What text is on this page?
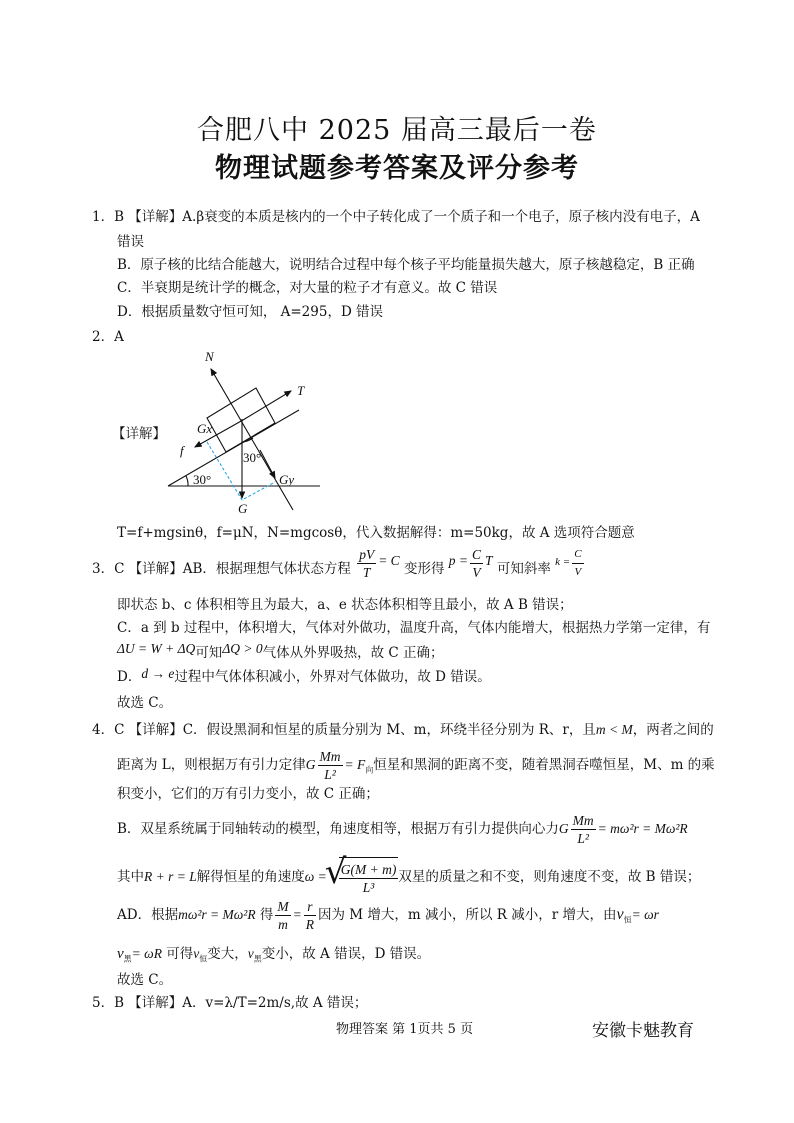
合肥八中 2025 届高三最后一卷
物理试题参考答案及评分参考
1．B 【详解】A.β衰变的本质是核内的一个中子转化成了一个质子和一个电子，原子核内没有电子，A
错误
B．原子核的比结合能越大，说明结合过程中每个核子平均能量损失越大，原子核越稳定，B 正确
C．半衰期是统计学的概念，对大量的粒子才有意义。故 C 错误
D．根据质量数守恒可知， A=295，D 错误
2．A
【详解】
N
T
f
Gx
Gy
G
30°
30°
T=f+mgsinθ，f=μN，N=mgcosθ，代入数据解得：m=50kg，故 A 选项符合题意
3．C 【详解】AB．根据理想气体状态方程 $\frac{pV}{T} = C$ 变形得 $p = \frac{C}{V}$ T 可知斜率 $^{k =} \frac{C}{V}$
即状态 b、c 体积相等且为最大，a、e 状态体积相等且最小，故 A B 错误；
C．a 到 b 过程中，体积增大，气体对外做功，温度升高，气体内能增大，根据热力学第一定律，有
ΔU = W + ΔQ可知ΔQ > 0气体从外界吸热，故 C 正确；
D．d → e过程中气体体积减小，外界对气体做功，故 D 错误。
故选 C。
4．C 【详解】C．假设黑洞和恒星的质量分别为 M、m，环绕半径分别为 R、r，且m < M，两者之间的
距离为 L，则根据万有引力定律G $\frac{Mm}{\text{L²}} = F_向$恒星和黑洞的距离不变，随着黑洞吞噬恒星，M、m 的乘
积变小，它们的万有引力变小，故 C 正确；
B．双星系统属于同轴转动的模型，角速度相等，根据万有引力提供向心力G $\frac{Mm}{\text{L²}} = m\omega^2r = M\omega^2R$
其中R + r = L解得恒星的角速度ω = √ $\frac{G(M + m)}{\text{L³}}$ 双星的质量之和不变，则角速度不变，故 B 错误；
AD．根据mω²r = Mω²R 得 $\frac{M}{m} = \frac{r}{R}$ 因为 M 增大，m 减小，所以 R 减小，r 增大，由$v_恒= \omega r$
$v_黑= \omega R$ 可得$v_恒$变大，$v_黑$变小，故 A 错误，D 错误。
故选 C。
5．B 【详解】A．v=λ/T=2m/s,故 A 错误；
物理答案 第 1页共 5 页	安徽卡魅教育
